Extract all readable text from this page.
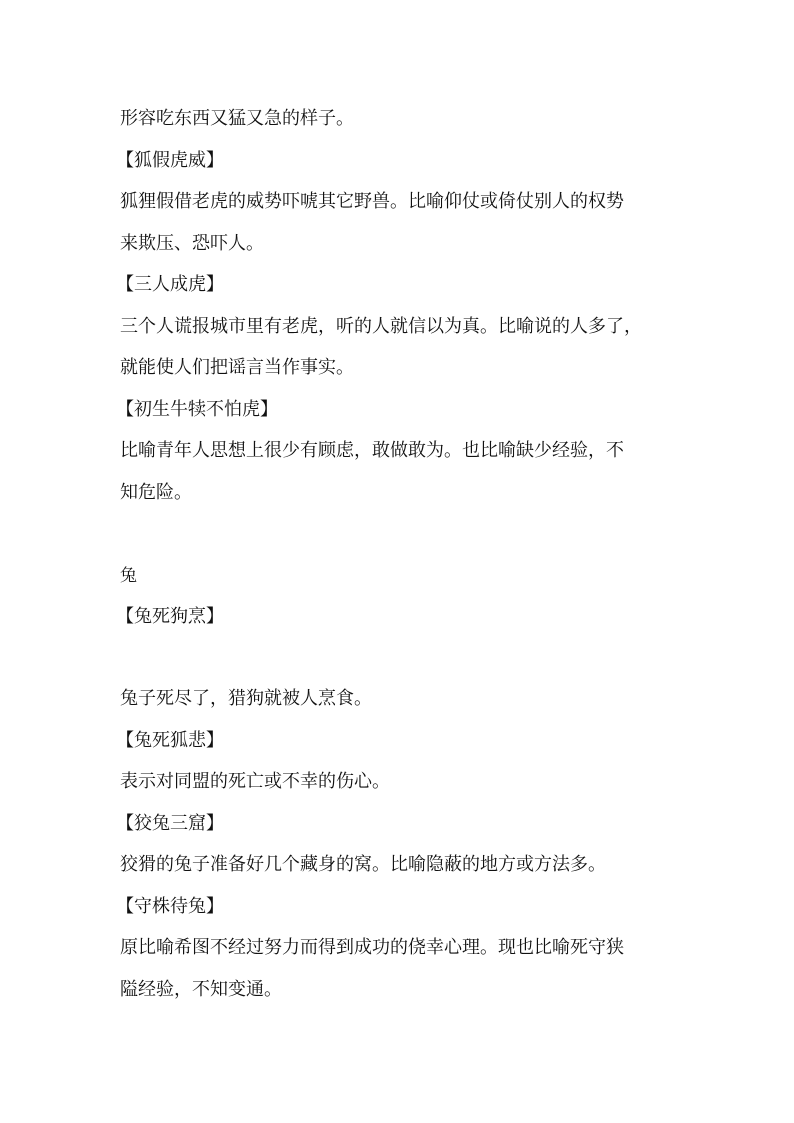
形容吃东西又猛又急的样子。
【狐假虎威】
狐狸假借老虎的威势吓唬其它野兽。比喻仰仗或倚仗别人的权势
来欺压、恐吓人。
【三人成虎】
三个人谎报城市里有老虎，听的人就信以为真。比喻说的人多了，
就能使人们把谣言当作事实。
【初生牛犊不怕虎】
比喻青年人思想上很少有顾虑，敢做敢为。也比喻缺少经验，不
知危险。
兔
【兔死狗烹】
兔子死尽了，猎狗就被人烹食。
【兔死狐悲】
表示对同盟的死亡或不幸的伤心。
【狡兔三窟】
狡猾的兔子准备好几个藏身的窝。比喻隐蔽的地方或方法多。
【守株待兔】
原比喻希图不经过努力而得到成功的侥幸心理。现也比喻死守狭
隘经验，不知变通。
